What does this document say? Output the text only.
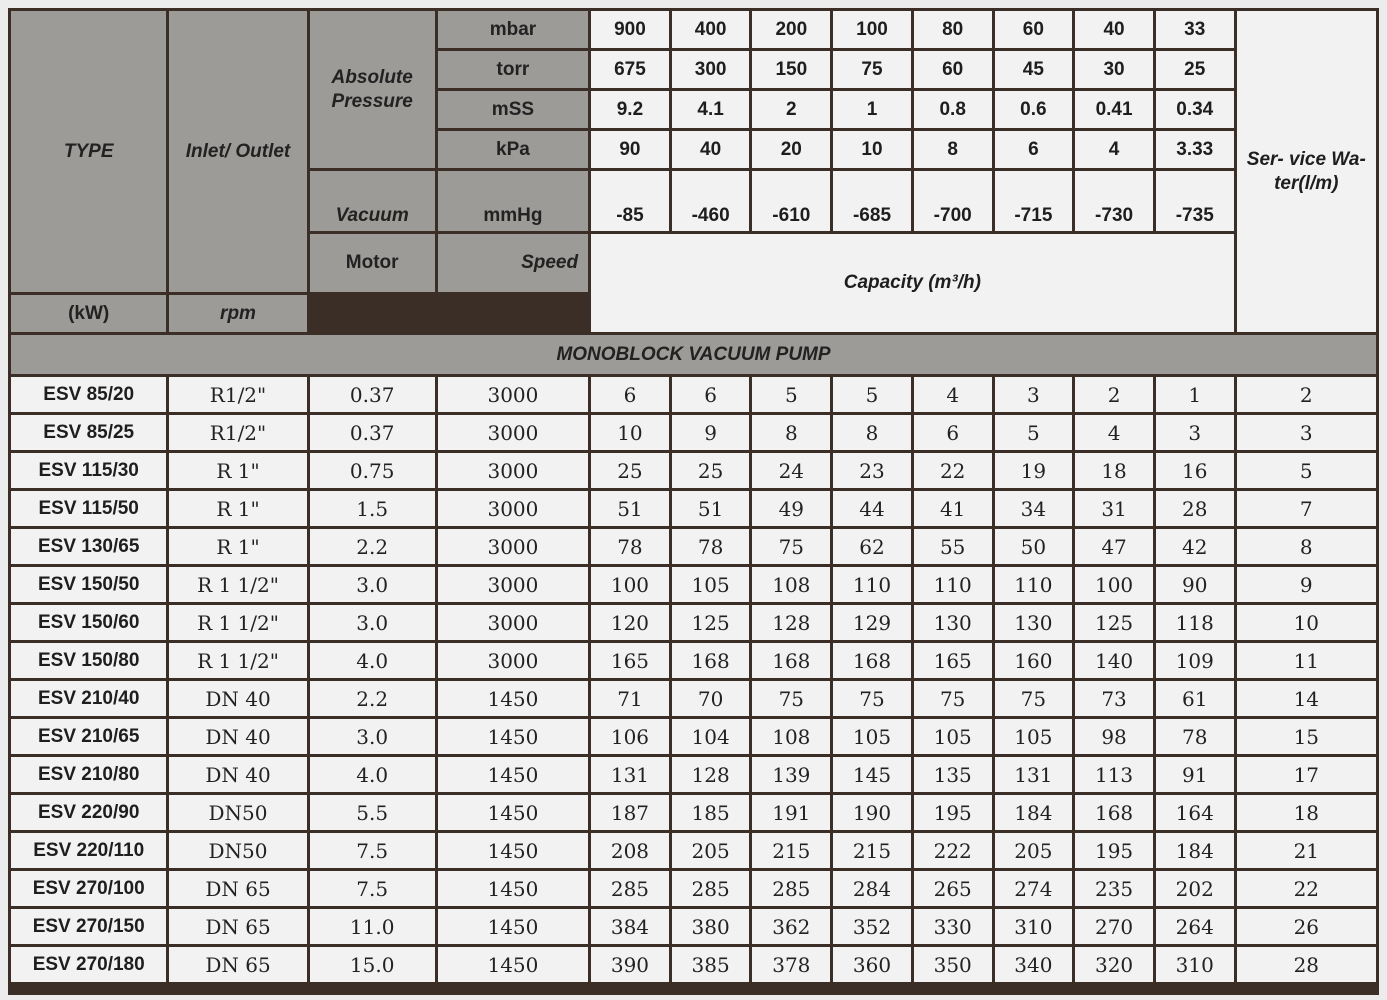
TYPE	Inlet/ Outlet	Absolute Pressure	mbar	900	400	200	100	80	60	40	33	Ser- vice Wa- ter(l/m)
			torr	675	300	150	75	60	45	30	25	
			mSS	9.2	4.1	2	1	0.8	0.6	0.41	0.34	
			kPa	90	40	20	10	8	6	4	3.33	
		Vacuum	mmHg	-85	-460	-610	-685	-700	-715	-730	-735	
		Motor	Speed	Capacity (m³/h)								
(kW)	rpm											
MONOBLOCK VACUUM PUMP												
ESV 85/20	R1/2"	0.37	3000	6	6	5	5	4	3	2	1	2
ESV 85/25	R1/2"	0.37	3000	10	9	8	8	6	5	4	3	3
ESV 115/30	R 1"	0.75	3000	25	25	24	23	22	19	18	16	5
ESV 115/50	R 1"	1.5	3000	51	51	49	44	41	34	31	28	7
ESV 130/65	R 1"	2.2	3000	78	78	75	62	55	50	47	42	8
ESV 150/50	R 1 1/2"	3.0	3000	100	105	108	110	110	110	100	90	9
ESV 150/60	R 1 1/2"	3.0	3000	120	125	128	129	130	130	125	118	10
ESV 150/80	R 1 1/2"	4.0	3000	165	168	168	168	165	160	140	109	11
ESV 210/40	DN 40	2.2	1450	71	70	75	75	75	75	73	61	14
ESV 210/65	DN 40	3.0	1450	106	104	108	105	105	105	98	78	15
ESV 210/80	DN 40	4.0	1450	131	128	139	145	135	131	113	91	17
ESV 220/90	DN50	5.5	1450	187	185	191	190	195	184	168	164	18
ESV 220/110	DN50	7.5	1450	208	205	215	215	222	205	195	184	21
ESV 270/100	DN 65	7.5	1450	285	285	285	284	265	274	235	202	22
ESV 270/150	DN 65	11.0	1450	384	380	362	352	330	310	270	264	26
ESV 270/180	DN 65	15.0	1450	390	385	378	360	350	340	320	310	28
